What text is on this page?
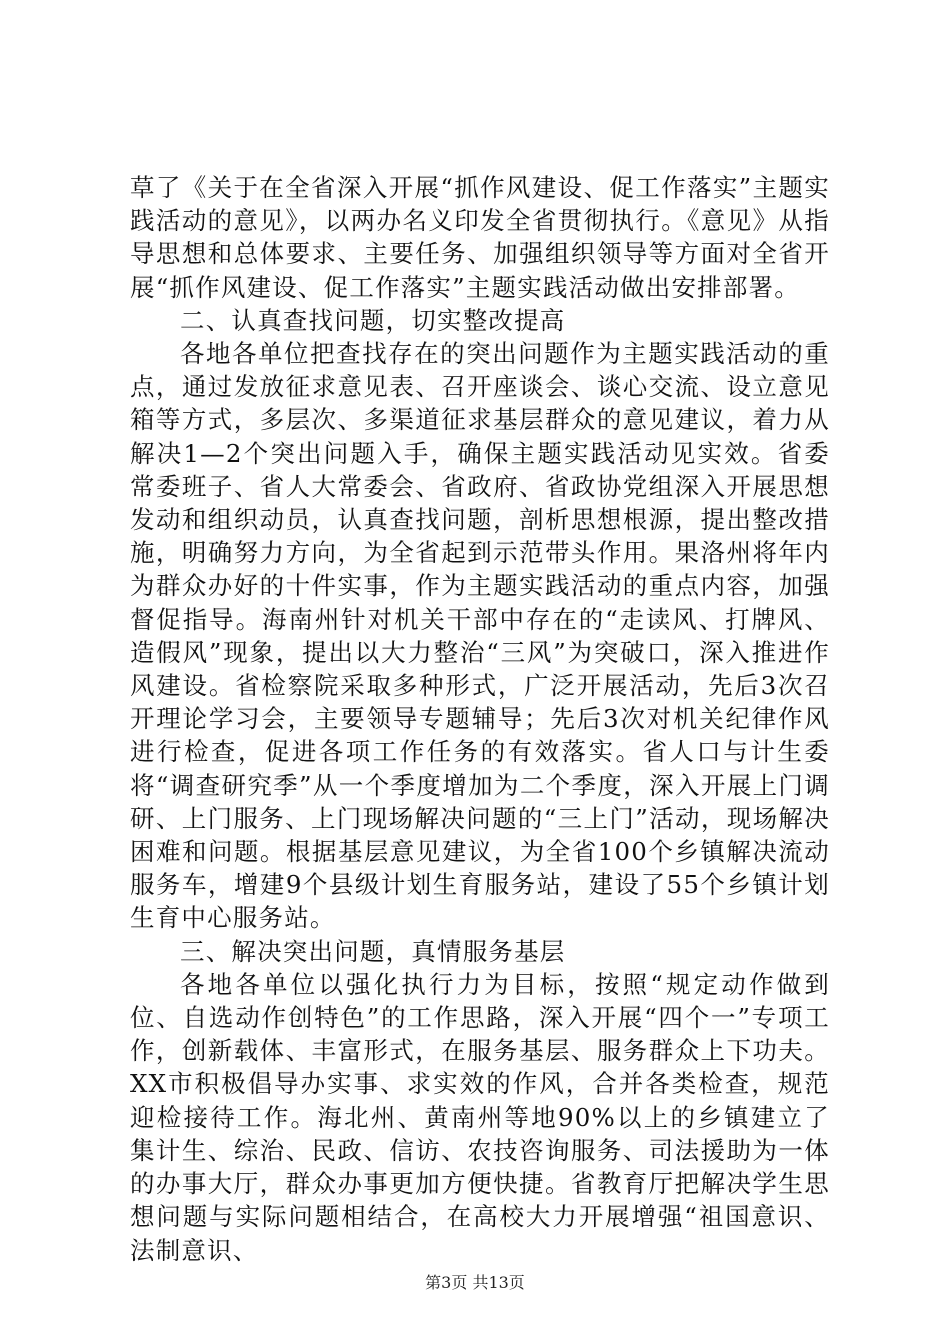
草了《关于在全省深入开展“抓作风建设、促工作落实”主题实践活动的意见》，以两办名义印发全省贯彻执行。《意见》从指导思想和总体要求、主要任务、加强组织领导等方面对全省开展“抓作风建设、促工作落实”主题实践活动做出安排部署。

二、认真查找问题，切实整改提高

各地各单位把查找存在的突出问题作为主题实践活动的重点，通过发放征求意见表、召开座谈会、谈心交流、设立意见箱等方式，多层次、多渠道征求基层群众的意见建议，着力从解决1—2个突出问题入手，确保主题实践活动见实效。省委常委班子、省人大常委会、省政府、省政协党组深入开展思想发动和组织动员，认真查找问题，剖析思想根源，提出整改措施，明确努力方向，为全省起到示范带头作用。果洛州将年内为群众办好的十件实事，作为主题实践活动的重点内容，加强督促指导。海南州针对机关干部中存在的“走读风、打牌风、造假风”现象，提出以大力整治“三风”为突破口，深入推进作风建设。省检察院采取多种形式，广泛开展活动，先后3次召开理论学习会，主要领导专题辅导；先后3次对机关纪律作风进行检查，促进各项工作任务的有效落实。省人口与计生委将“调查研究季”从一个季度增加为二个季度，深入开展上门调研、上门服务、上门现场解决问题的“三上门”活动，现场解决困难和问题。根据基层意见建议，为全省100个乡镇解决流动服务车，增建9个县级计划生育服务站，建设了55个乡镇计划生育中心服务站。

三、解决突出问题，真情服务基层

各地各单位以强化执行力为目标，按照“规定动作做到位、自选动作创特色”的工作思路，深入开展“四个一”专项工作，创新载体、丰富形式，在服务基层、服务群众上下功夫。XX市积极倡导办实事、求实效的作风，合并各类检查，规范迎检接待工作。海北州、黄南州等地90%以上的乡镇建立了集计生、综治、民政、信访、农技咨询服务、司法援助为一体的办事大厅，群众办事更加方便快捷。省教育厅把解决学生思想问题与实际问题相结合，在高校大力开展增强“祖国意识、法制意识、

第3页 共13页
